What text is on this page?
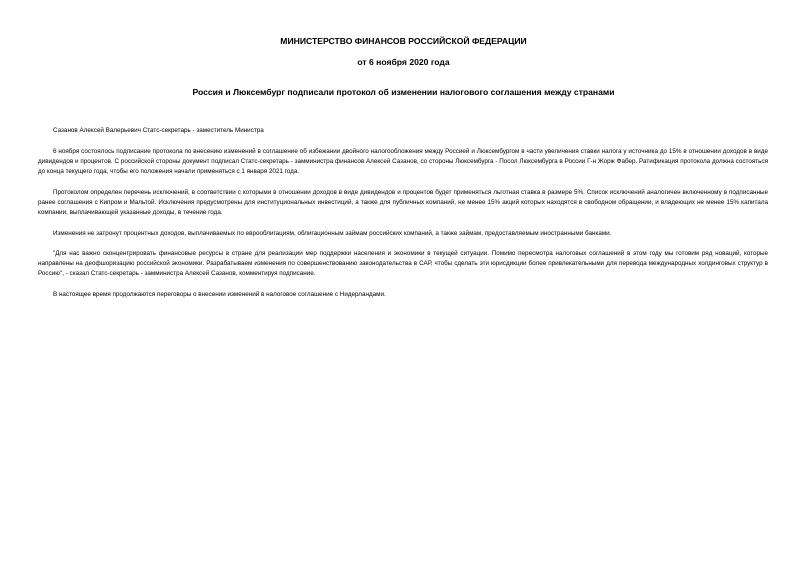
МИНИСТЕРСТВО ФИНАНСОВ РОССИЙСКОЙ ФЕДЕРАЦИИ
от 6 ноября 2020 года
Россия и Люксембург подписали протокол об изменении налогового соглашения между странами

Сазанов Алексей Валерьевич Статс-секретарь - заместитель Министра

6 ноября состоялось подписание протокола по внесению изменений в соглашение об избежании двойного налогообложения между Россией и Люксембургом в части увеличения ставки налога у источника до 15% в отношении доходов в виде дивидендов и процентов. С российской стороны документ подписал Статс-секретарь - замминистра финансов Алексей Сазанов, со стороны Люксембурга - Посол Люксембурга в России Г-н Жорж Фабер. Ратификация протокола должна состояться до конца текущего года, чтобы его положения начали применяться с 1 января 2021 года.

Протоколом определен перечень исключений, в соответствии с которыми в отношении доходов в виде дивидендов и процентов будет применяться льготная ставка в размере 5%. Список исключений аналогичен включенному в подписанные ранее соглашения с Кипром и Мальтой. Исключения предусмотрены для институциональных инвестиций, а также для публичных компаний, не менее 15% акций которых находятся в свободном обращении, и владеющих не менее 15% капитала компании, выплачивающей указанные доходы, в течение года.

Изменения не затронут процентных доходов, выплачиваемых по еврооблигациям, облигационным займам российских компаний, а также займам, предоставляемым иностранными банками.

"Для нас важно сконцентрировать финансовые ресурсы в стране для реализации мер поддержки населения и экономики в текущей ситуации. Помимо пересмотра налоговых соглашений в этом году мы готовим ряд новаций, которые направлены на деофшоризацию российской экономики. Разрабатываем изменения по совершенствованию законодательства в САР, чтобы сделать эти юрисдикции более привлекательными для перевода международных холдинговых структур в Россию", - сказал Статс-секретарь - замминистра Алексей Сазанов, комментируя подписание.

В настоящее время продолжаются переговоры о внесении изменений в налоговое соглашение с Нидерландами.
